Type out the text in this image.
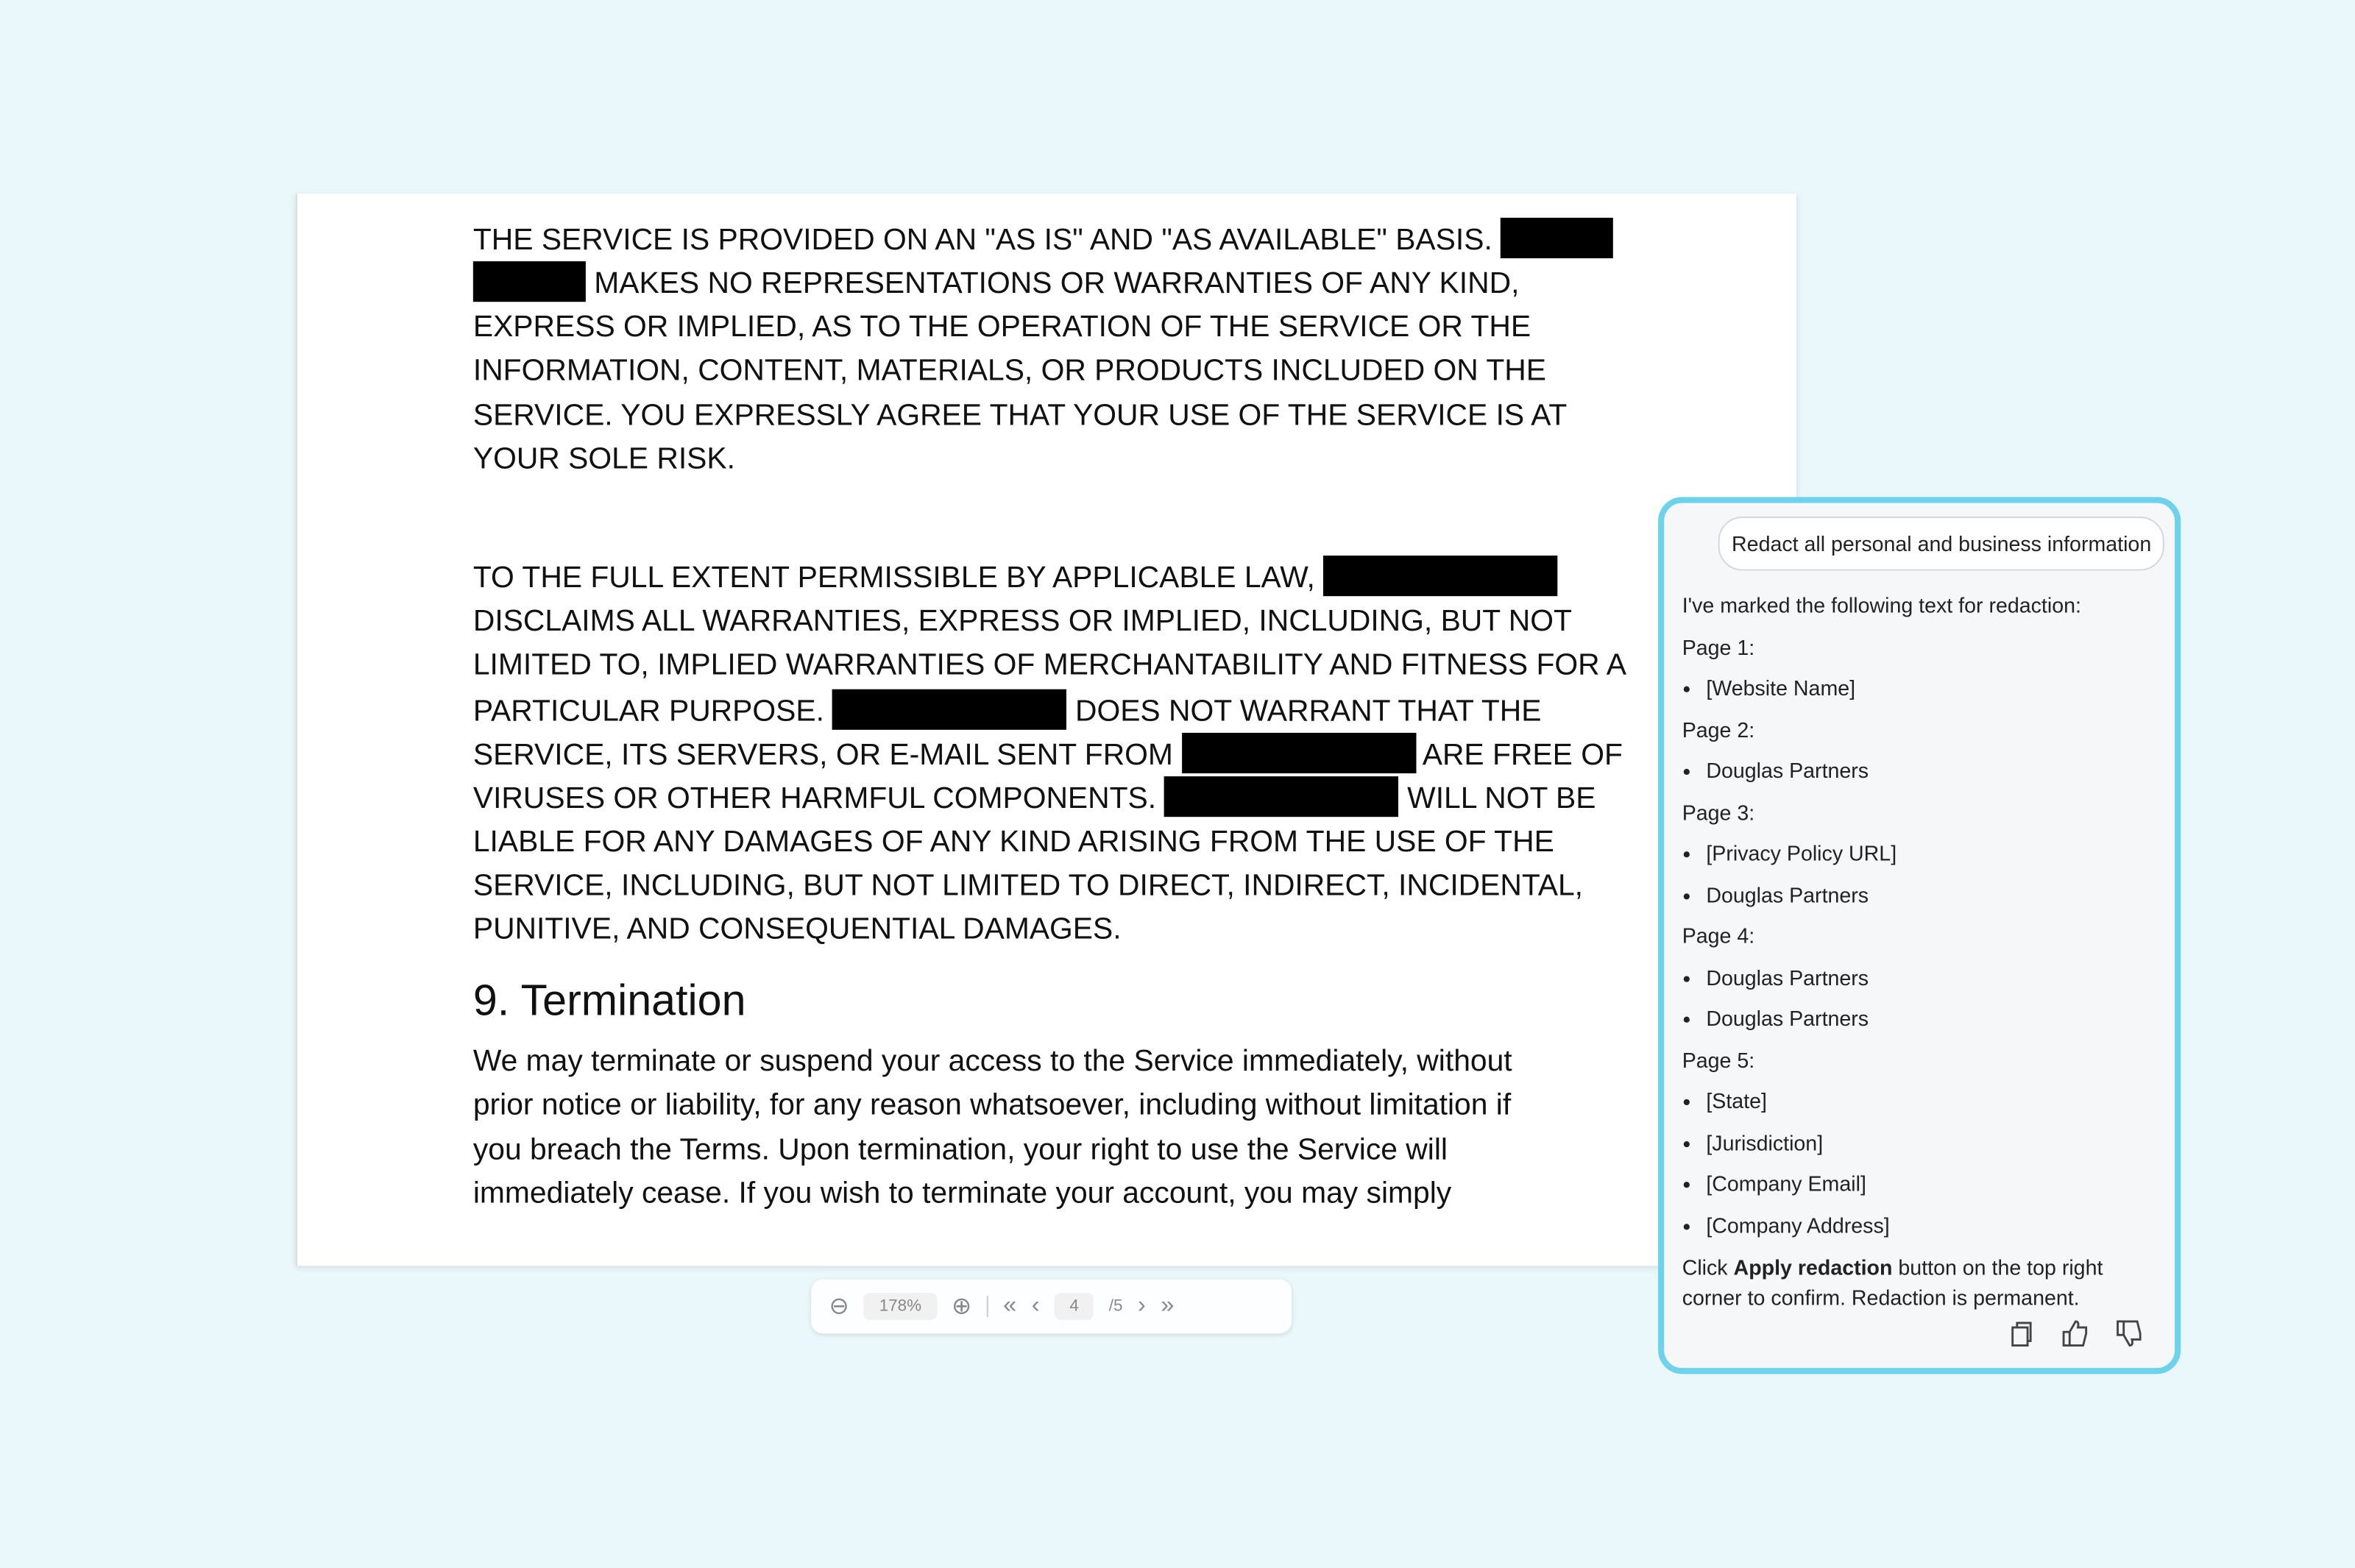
THE SERVICE IS PROVIDED ON AN "AS IS" AND "AS AVAILABLE" BASIS.
MAKES NO REPRESENTATIONS OR WARRANTIES OF ANY KIND,
EXPRESS OR IMPLIED, AS TO THE OPERATION OF THE SERVICE OR THE
INFORMATION, CONTENT, MATERIALS, OR PRODUCTS INCLUDED ON THE
SERVICE. YOU EXPRESSLY AGREE THAT YOUR USE OF THE SERVICE IS AT
YOUR SOLE RISK.
TO THE FULL EXTENT PERMISSIBLE BY APPLICABLE LAW,
DISCLAIMS ALL WARRANTIES, EXPRESS OR IMPLIED, INCLUDING, BUT NOT
LIMITED TO, IMPLIED WARRANTIES OF MERCHANTABILITY AND FITNESS FOR A
PARTICULAR PURPOSE.	DOES NOT WARRANT THAT THE
SERVICE, ITS SERVERS, OR E-MAIL SENT FROM	ARE FREE OF
VIRUSES OR OTHER HARMFUL COMPONENTS.	WILL NOT BE
LIABLE FOR ANY DAMAGES OF ANY KIND ARISING FROM THE USE OF THE
SERVICE, INCLUDING, BUT NOT LIMITED TO DIRECT, INDIRECT, INCIDENTAL,
PUNITIVE, AND CONSEQUENTIAL DAMAGES.
9. Termination
We may terminate or suspend your access to the Service immediately, without
prior notice or liability, for any reason whatsoever, including without limitation if
you breach the Terms. Upon termination, your right to use the Service will
immediately cease. If you wish to terminate your account, you may simply
⊖	178%	⊕	« ‹	4	/5 › »
Redact all personal and business information

I've marked the following text for redaction:

Page 1:

• [Website Name]

Page 2:

• Douglas Partners

Page 3:

• [Privacy Policy URL]
• Douglas Partners

Page 4:

• Douglas Partners
• Douglas Partners

Page 5:

• [State]
• [Jurisdiction]
• [Company Email]
• [Company Address]

Click Apply redaction button on the top right corner to confirm. Redaction is permanent.
